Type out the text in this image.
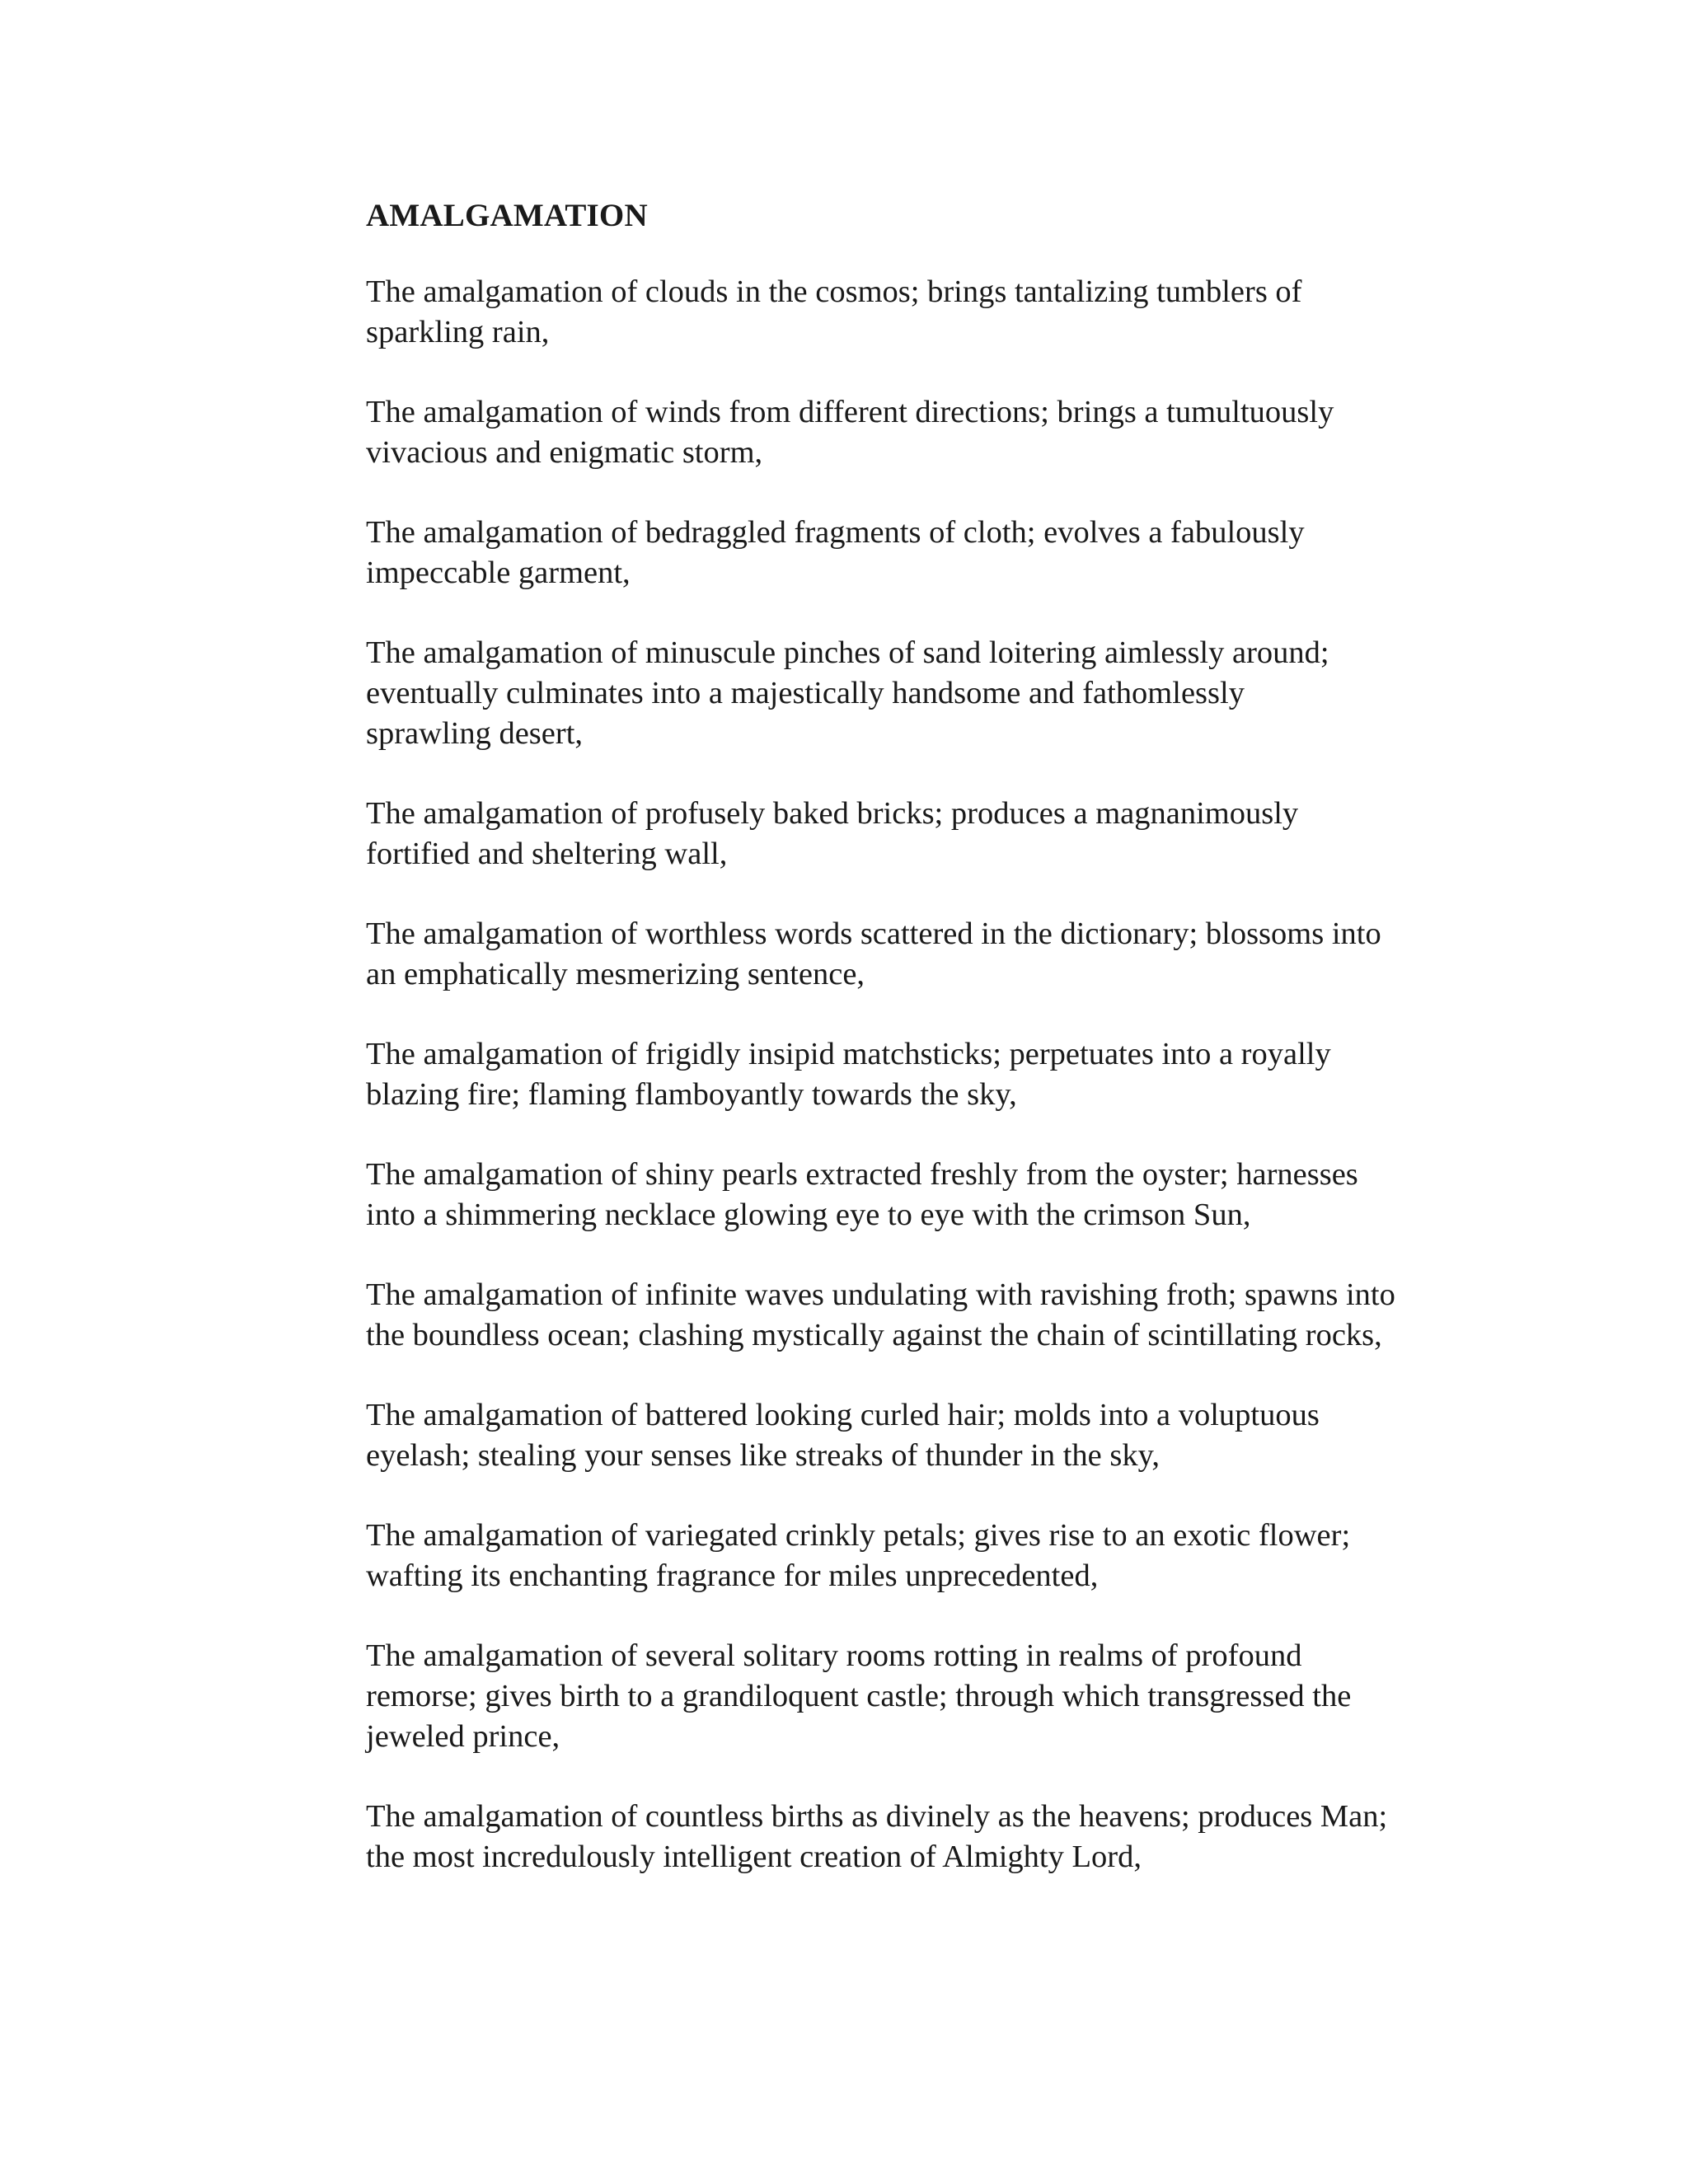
AMALGAMATION
The amalgamation of clouds in the cosmos; brings tantalizing tumblers of
sparkling rain,
The amalgamation of winds from different directions; brings a tumultuously
vivacious and enigmatic storm,
The amalgamation of bedraggled fragments of cloth; evolves a fabulously
impeccable garment,
The amalgamation of minuscule pinches of sand loitering aimlessly around;
eventually culminates into a majestically handsome and fathomlessly
sprawling desert,
The amalgamation of profusely baked bricks; produces a magnanimously
fortified and sheltering wall,
The amalgamation of worthless words scattered in the dictionary; blossoms into
an emphatically mesmerizing sentence,
The amalgamation of frigidly insipid matchsticks; perpetuates into a royally
blazing fire; flaming flamboyantly towards the sky,
The amalgamation of shiny pearls extracted freshly from the oyster; harnesses
into a shimmering necklace glowing eye to eye with the crimson Sun,
The amalgamation of infinite waves undulating with ravishing froth; spawns into
the boundless ocean; clashing mystically against the chain of scintillating rocks,
The amalgamation of battered looking curled hair; molds into a voluptuous
eyelash; stealing your senses like streaks of thunder in the sky,
The amalgamation of variegated crinkly petals; gives rise to an exotic flower;
wafting its enchanting fragrance for miles unprecedented,
The amalgamation of several solitary rooms rotting in realms of profound
remorse; gives birth to a grandiloquent castle; through which transgressed the
jeweled prince,
The amalgamation of countless births as divinely as the heavens; produces Man;
the most incredulously intelligent creation of Almighty Lord,
